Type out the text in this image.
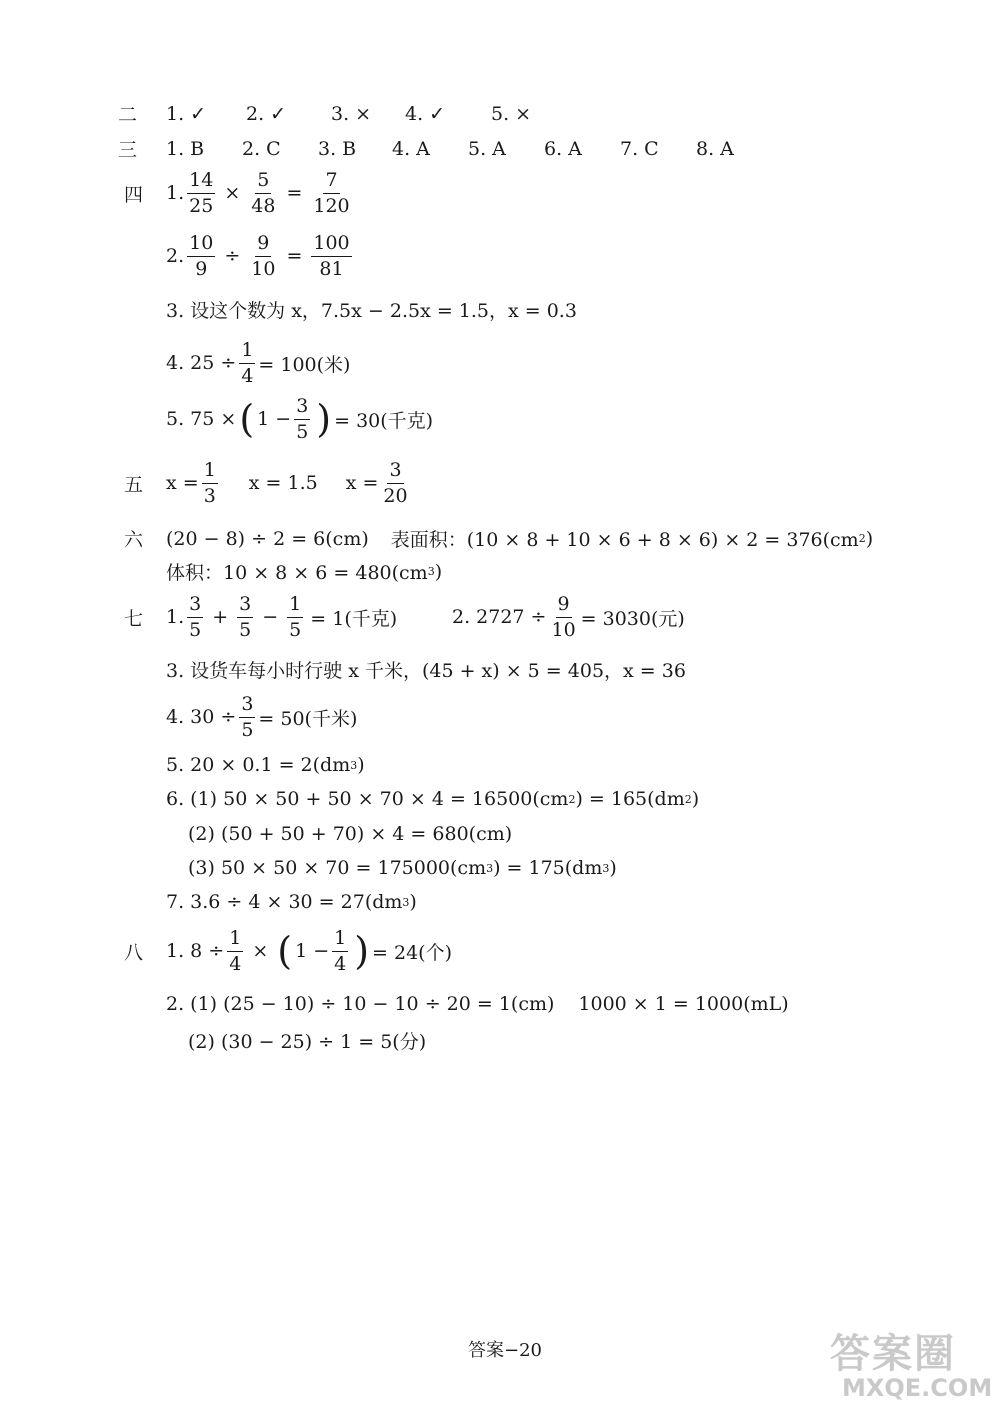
二	1. ✓	2. ✓	3. ×	4. ✓	5. ×
三	1. B	2. C	3. B	4. A	5. A	6. A	7. C	8. A
四	1. $\frac{14}{25} \times \frac{5}{48} = \frac{7}{120}$
2. $\frac{10}{9} \div \frac{9}{10} = \frac{100}{81}$
3. 设这个数为 x，7.5x − 2.5x = 1.5，x = 0.3
4. $25 \div \frac{1}{4} = 100$(米)
5. 75 × ( $1 - \frac{3}{5}$ ) = 30(千克)
五	$x = \frac{1}{3}$ x = 1.5 $x = \frac{3}{20}$
六	(20 − 8) ÷ 2 = 6(cm) 表面积：(10 × 8 + 10 × 6 + 8 × 6) × 2 = 376(cm 2 )
体积：10 × 8 × 6 = 480(cm 3 )
七	1. $\frac{3}{5} + \frac{3}{5} - \frac{1}{5} = 1$(千克)	2. $2727 \div \frac{9}{10} = 3030$(元)
3. 设货车每小时行驶 x 千米，(45 + x) × 5 = 405，x = 36
4. $30 \div \frac{3}{5} = 50$(千米)
5. 20 × 0.1 = 2(dm 3 )
6. (1) 50 × 50 + 50 × 70 × 4 = 16500(cm 2 ) = 165(dm 2 )
(2) (50 + 50 + 70) × 4 = 680(cm)
(3) 50 × 50 × 70 = 175000(cm 3 ) = 175(dm 3 )
7. 3.6 ÷ 4 × 30 = 27(dm 3 )
八	1. $8 \div \frac{1}{4}$ × ( $1 - \frac{1}{4}$ ) = 24(个)
2. (1) (25 − 10) ÷ 10 − 10 ÷ 20 = 1(cm) 1000 × 1 = 1000(mL)
(2) (30 − 25) ÷ 1 = 5(分)
答案−20	答案圈
MXQE.COM
